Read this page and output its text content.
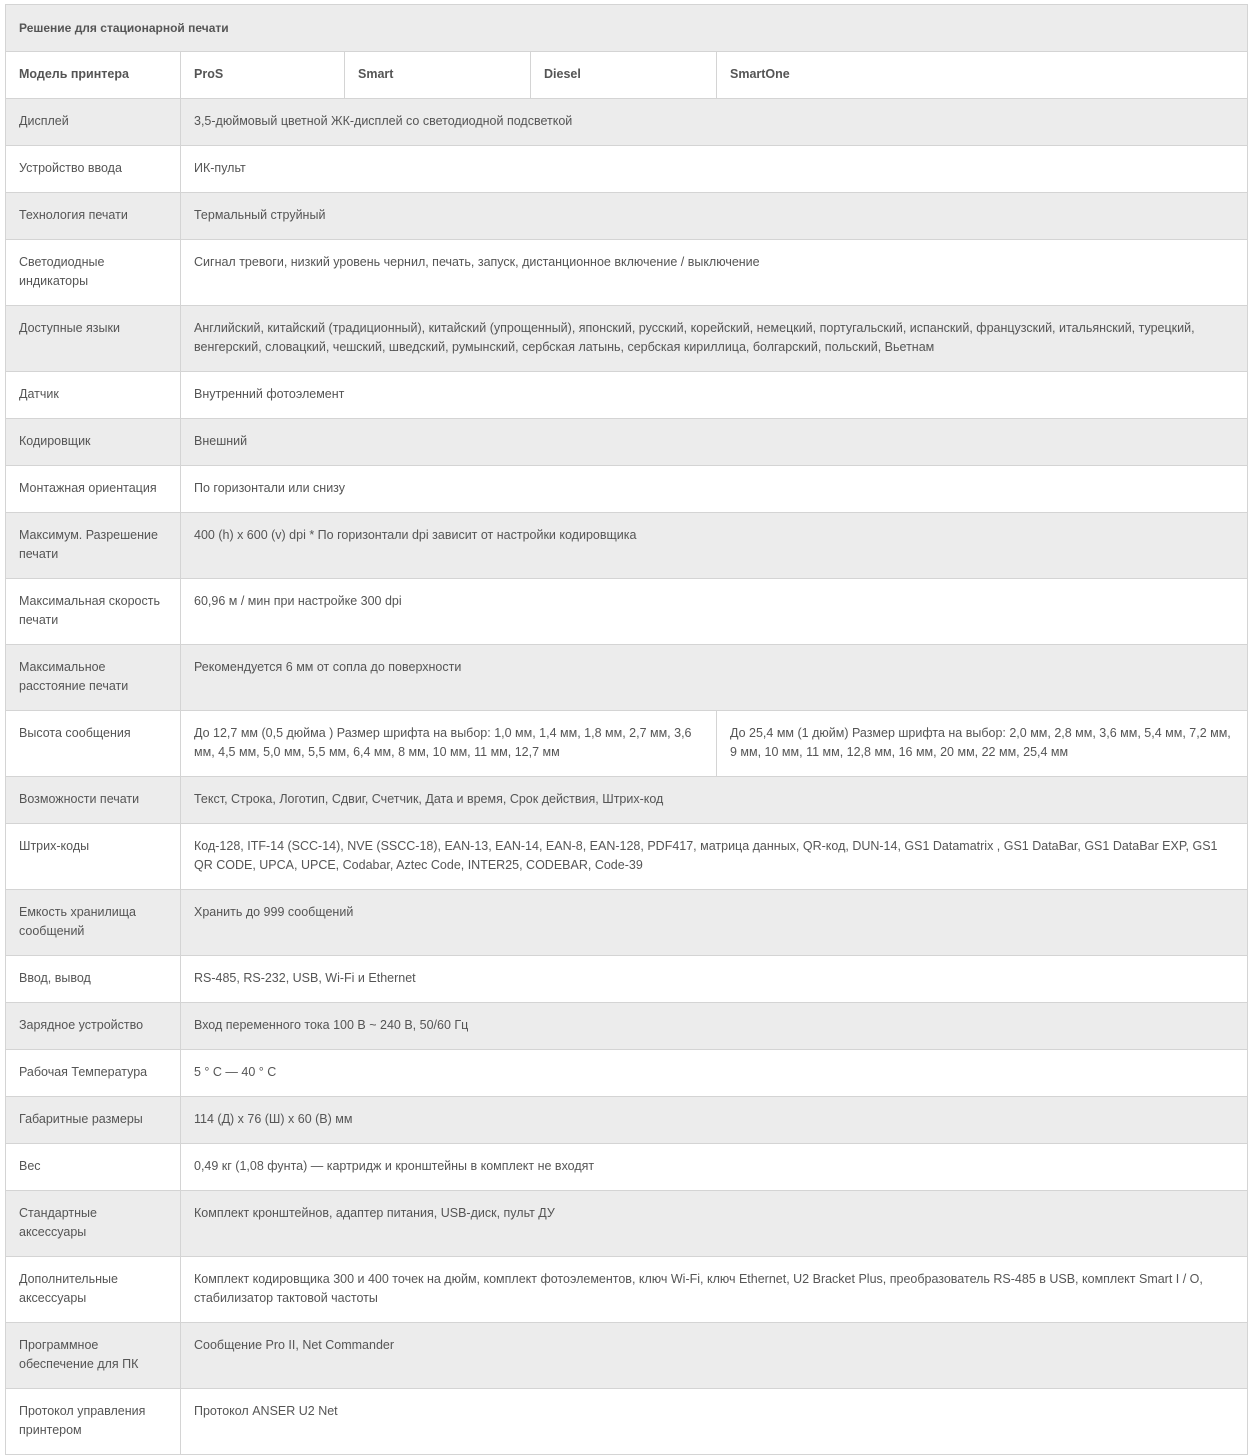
Решение для стационарной печати				
Модель принтера	ProS	Smart	Diesel	SmartOne
Дисплей	3,5-дюймовый цветной ЖК-дисплей со светодиодной подсветкой			
Устройство ввода	ИК-пульт			
Технология печати	Термальный струйный			
Светодиодные индикаторы	Сигнал тревоги, низкий уровень чернил, печать, запуск, дистанционное включение / выключение			
Доступные языки	Английский, китайский (традиционный), китайский (упрощенный), японский, русский, корейский, немецкий, португальский, испанский, французский, итальянский, турецкий, венгерский, словацкий, чешский, шведский, румынский, сербская латынь, сербская кириллица, болгарский, польский, Вьетнам			
Датчик	Внутренний фотоэлемент			
Кодировщик	Внешний			
Монтажная ориентация	По горизонтали или снизу			
Максимум. Разрешение печати	400 (h) x 600 (v) dpi * По горизонтали dpi зависит от настройки кодировщика			
Максимальная скорость печати	60,96 м / мин при настройке 300 dpi			
Максимальное расстояние печати	Рекомендуется 6 мм от сопла до поверхности			
Высота сообщения	До 12,7 мм (0,5 дюйма ) Размер шрифта на выбор: 1,0 мм, 1,4 мм, 1,8 мм, 2,7 мм, 3,6 мм, 4,5 мм, 5,0 мм, 5,5 мм, 6,4 мм, 8 мм, 10 мм, 11 мм, 12,7 мм			До 25,4 мм (1 дюйм) Размер шрифта на выбор: 2,0 мм, 2,8 мм, 3,6 мм, 5,4 мм, 7,2 мм, 9 мм, 10 мм, 11 мм, 12,8 мм, 16 мм, 20 мм, 22 мм, 25,4 мм
Возможности печати	Текст, Строка, Логотип, Сдвиг, Счетчик, Дата и время, Срок действия, Штрих-код			
Штрих-коды	Код-128, ITF-14 (SCC-14), NVE (SSCC-18), EAN-13, EAN-14, EAN-8, EAN-128, PDF417, матрица данных, QR-код, DUN-14, GS1 Datamatrix , GS1 DataBar, GS1 DataBar EXP, GS1 QR CODE, UPCA, UPCE, Codabar, Aztec Code, INTER25, CODEBAR, Code-39			
Емкость хранилища сообщений	Хранить до 999 сообщений			
Ввод, вывод	RS-485, RS-232, USB, Wi-Fi и Ethernet			
Зарядное устройство	Вход переменного тока 100 В ~ 240 В, 50/60 Гц			
Рабочая Температура	5 ° C — 40 ° C			
Габаритные размеры	114 (Д) x 76 (Ш) x 60 (В) мм			
Вес	0,49 кг (1,08 фунта) — картридж и кронштейны в комплект не входят			
Стандартные аксессуары	Комплект кронштейнов, адаптер питания, USB-диск, пульт ДУ			
Дополнительные аксессуары	Комплект кодировщика 300 и 400 точек на дюйм, комплект фотоэлементов, ключ Wi-Fi, ключ Ethernet, U2 Bracket Plus, преобразователь RS-485 в USB, комплект Smart I / O, стабилизатор тактовой частоты			
Программное обеспечение для ПК	Сообщение Pro II, Net Commander			
Протокол управления принтером	Протокол ANSER U2 Net			
